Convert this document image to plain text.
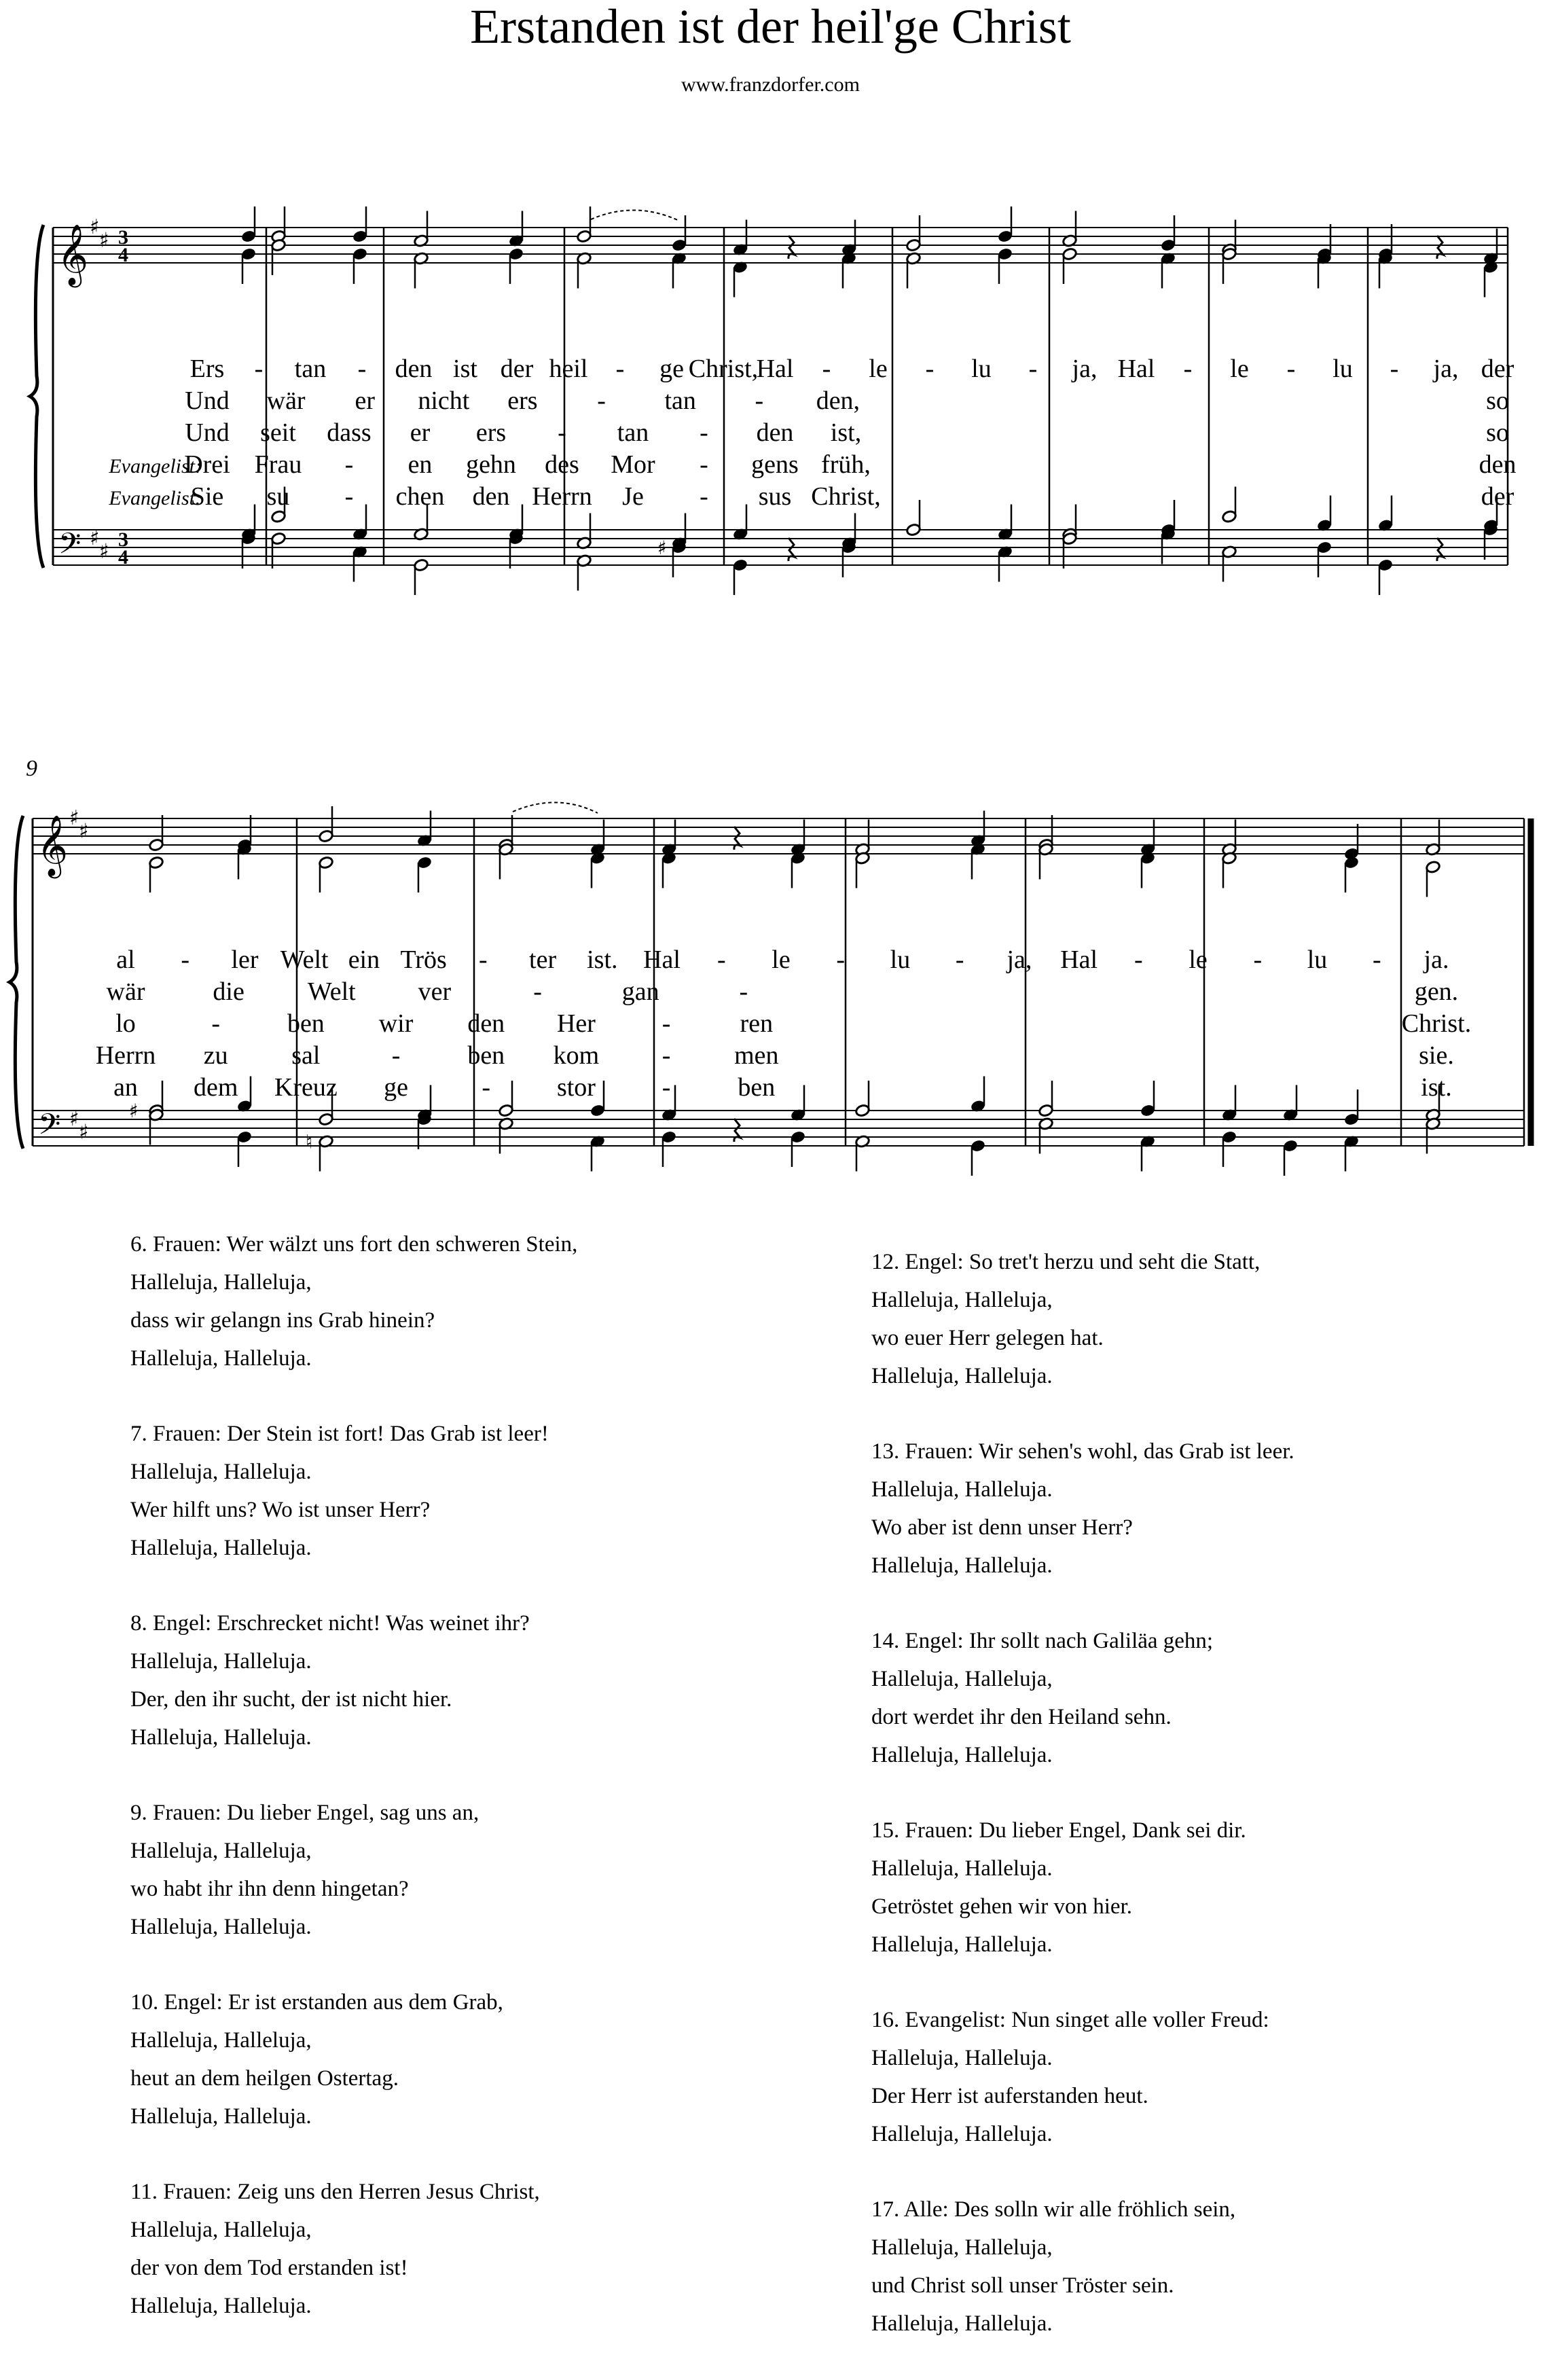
Erstanden ist der heil'ge Christ
www.franzdorfer.com
𝄞
𝄢
♯
♯
♯
♯
3
4
3
4
𝄞
𝄢
♯
♯
♯
♯
9
♯
♯
♮
Ers - tan - den ist der heil - ge Christ,
Hal - le - lu - ja, Hal - le - lu - ja, der
Und wär er nicht ers - tan - den,	so
Und seit dass er ers - tan - den ist,	so
Evangelist:
Drei Frau - en gehn des Mor - gens früh,	den
Evangelist:
Sie su - chen den Herrn Je - sus Christ,	der
al - ler Welt ein Trös - ter ist. Hal - le - lu - ja, Hal - le - lu - ja.
wär	die Welt ver	-	gan	-	gen.
lo	-	ben wir den Her	-	ren	Christ.
Herrn zu sal	-	ben kom - men	sie.
an dem Kreuz ge	-	stor	-	ben	ist.
6. Frauen: Wer wälzt uns fort den schweren Stein,
Halleluja, Halleluja,
dass wir gelangn ins Grab hinein?
Halleluja, Halleluja.
7. Frauen: Der Stein ist fort! Das Grab ist leer!
Halleluja, Halleluja.
Wer hilft uns? Wo ist unser Herr?
Halleluja, Halleluja.
8. Engel: Erschrecket nicht! Was weinet ihr?
Halleluja, Halleluja.
Der, den ihr sucht, der ist nicht hier.
Halleluja, Halleluja.
9. Frauen: Du lieber Engel, sag uns an,
Halleluja, Halleluja,
wo habt ihr ihn denn hingetan?
Halleluja, Halleluja.
10. Engel: Er ist erstanden aus dem Grab,
Halleluja, Halleluja,
heut an dem heilgen Ostertag.
Halleluja, Halleluja.
11. Frauen: Zeig uns den Herren Jesus Christ,
Halleluja, Halleluja,
der von dem Tod erstanden ist!
Halleluja, Halleluja.
12. Engel: So tret't herzu und seht die Statt,
Halleluja, Halleluja,
wo euer Herr gelegen hat.
Halleluja, Halleluja.
13. Frauen: Wir sehen's wohl, das Grab ist leer.
Halleluja, Halleluja.
Wo aber ist denn unser Herr?
Halleluja, Halleluja.
14. Engel: Ihr sollt nach Galiläa gehn;
Halleluja, Halleluja,
dort werdet ihr den Heiland sehn.
Halleluja, Halleluja.
15. Frauen: Du lieber Engel, Dank sei dir.
Halleluja, Halleluja.
Getröstet gehen wir von hier.
Halleluja, Halleluja.
16. Evangelist: Nun singet alle voller Freud:
Halleluja, Halleluja.
Der Herr ist auferstanden heut.
Halleluja, Halleluja.
17. Alle: Des solln wir alle fröhlich sein,
Halleluja, Halleluja,
und Christ soll unser Tröster sein.
Halleluja, Halleluja.
